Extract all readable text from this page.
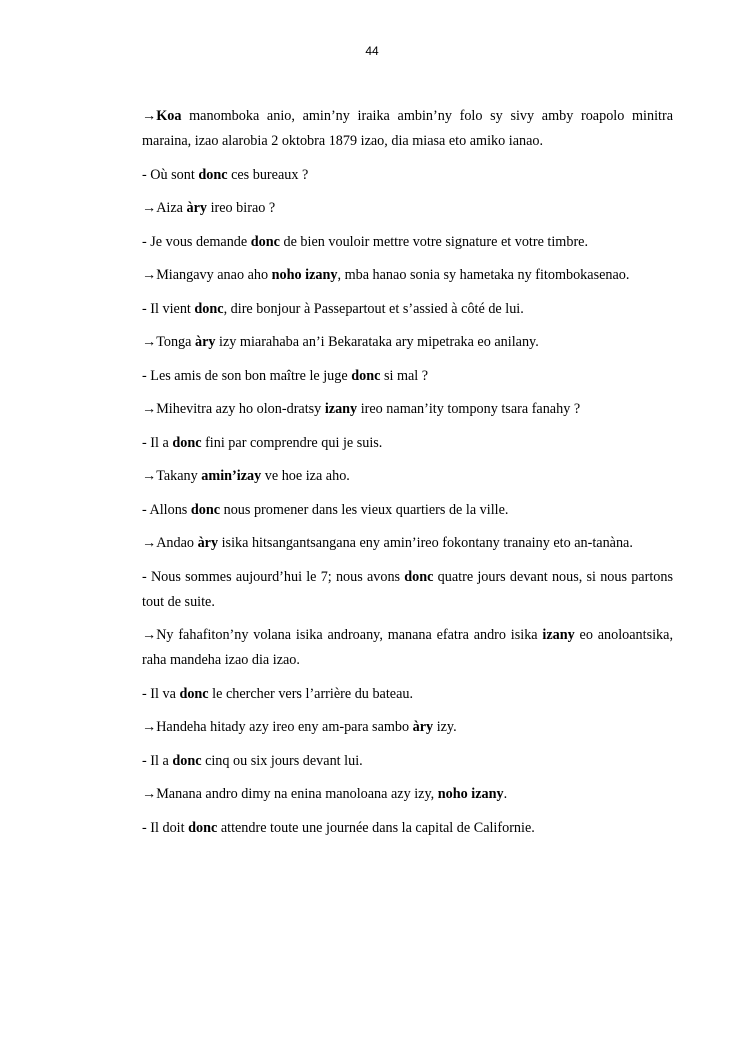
44

→Koa manomboka anio, amin’ny iraika ambin’ny folo sy sivy amby roapolo minitra maraina, izao alarobia 2 oktobra 1879 izao, dia miasa eto amiko ianao.

- Où sont donc ces bureaux ?

→Aiza àry ireo birao ?

- Je vous demande donc de bien vouloir mettre votre signature et votre timbre.

→Miangavy anao aho noho izany, mba hanao sonia sy hametaka ny fitombokasenao.

- Il vient donc, dire bonjour à Passepartout et s’assied à côté de lui.

→Tonga àry izy miarahaba an’i Bekarataka ary mipetraka eo anilany.

- Les amis de son bon maître le juge donc si mal ?

→Mihevitra azy ho olon-dratsy izany ireo naman’ity tompony tsara fanahy ?

- Il a donc fini par comprendre qui je suis.

→Takany amin’izay ve hoe iza aho.

- Allons donc nous promener dans les vieux quartiers de la ville.

→Andao àry isika hitsangantsangana eny amin’ireo fokontany tranainy eto an-tanàna.

- Nous sommes aujourd’hui le 7; nous avons donc quatre jours devant nous, si nous partons tout de suite.

→Ny fahafiton’ny volana isika androany, manana efatra andro isika izany eo anoloantsika, raha mandeha izao dia izao.

- Il va donc le chercher vers l’arrière du bateau.

→Handeha hitady azy ireo eny am-para sambo àry izy.

- Il a donc cinq ou six jours devant lui.

→Manana andro dimy na enina manoloana azy izy, noho izany.

- Il doit donc attendre toute une journée dans la capital de Californie.
